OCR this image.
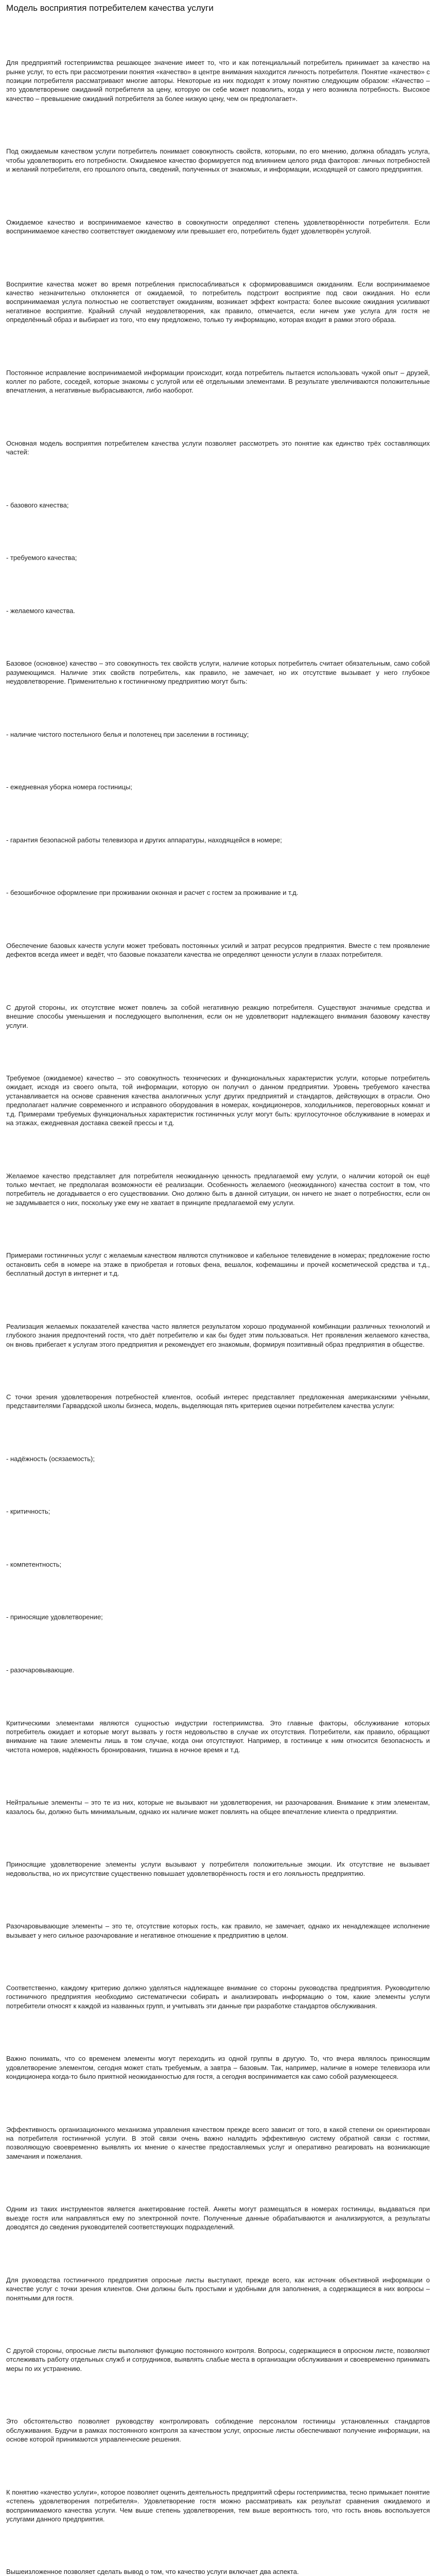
Модель восприятия потребителем качества услуги

Для предприятий гостеприимства решающее значение имеет то, что и как потенциальный потребитель принимает за качество на рынке услуг, то есть при рассмотрении понятия «качество» в центре внимания находится личность потребителя. Понятие «качество» с позиции потребителя рассматривают многие авторы. Некоторые из них подходят к этому понятию следующим образом: «Качество – это удовлетворение ожиданий потребителя за цену, которую он себе может позволить, когда у него возникла потребность. Высокое качество – превышение ожиданий потребителя за более низкую цену, чем он предполагает».

Под ожидаемым качеством услуги потребитель понимает совокупность свойств, которыми, по его мнению, должна обладать услуга, чтобы удовлетворить его потребности. Ожидаемое качество формируется под влиянием целого ряда факторов: личных потребностей и желаний потребителя, его прошлого опыта, сведений, полученных от знакомых, и информации, исходящей от самого предприятия.

Ожидаемое качество и воспринимаемое качество в совокупности определяют степень удовлетворённости потребителя. Если воспринимаемое качество соответствует ожидаемому или превышает его, потребитель будет удовлетворён услугой.

Восприятие качества может во время потребления приспосабливаться к сформировавшимся ожиданиям. Если воспринимаемое качество незначительно отклоняется от ожидаемой, то потребитель подстроит восприятие под свои ожидания. Но если воспринимаемая услуга полностью не соответствует ожиданиям, возникает эффект контраста: более высокие ожидания усиливают негативное восприятие. Крайний случай неудовлетворения, как правило, отмечается, если ничем уже услуга для гостя не определённый образ и выбирает из того, что ему предложено, только ту информацию, которая входит в рамки этого образа.

Постоянное исправление воспринимаемой информации происходит, когда потребитель пытается использовать чужой опыт – друзей, коллег по работе, соседей, которые знакомы с услугой или её отдельными элементами. В результате увеличиваются положительные впечатления, а негативные выбрасываются, либо наоборот.

Основная модель восприятия потребителем качества услуги позволяет рассмотреть это понятие как единство трёх составляющих частей:

- базового качества;

- требуемого качества;

- желаемого качества.

Базовое (основное) качество – это совокупность тех свойств услуги, наличие которых потребитель считает обязательным, само собой разумеющимся. Наличие этих свойств потребитель, как правило, не замечает, но их отсутствие вызывает у него глубокое неудовлетворение. Применительно к гостиничному предприятию могут быть:

- наличие чистого постельного белья и полотенец при заселении в гостиницу;

- ежедневная уборка номера гостиницы;

- гарантия безопасной работы телевизора и других аппаратуры, находящейся в номере;

- безошибочное оформление при проживании оконная и расчет с гостем за проживание и т.д.

Обеспечение базовых качеств услуги может требовать постоянных усилий и затрат ресурсов предприятия. Вместе с тем проявление дефектов всегда имеет и ведёт, что базовые показатели качества не определяют ценности услуги в глазах потребителя.

С другой стороны, их отсутствие может повлечь за собой негативную реакцию потребителя. Существуют значимые средства и внешние способы уменьшения и последующего выполнения, если он не удовлетворит надлежащего внимания базовому качеству услуги.

Требуемое (ожидаемое) качество – это совокупность технических и функциональных характеристик услуги, которые потребитель ожидает, исходя из своего опыта, той информации, которую он получил о данном предприятии. Уровень требуемого качества устанавливается на основе сравнения качества аналогичных услуг других предприятий и стандартов, действующих в отрасли. Оно предполагает наличие современного и исправного оборудования в номерах, кондиционеров, холодильников, переговорных комнат и т.д. Примерами требуемых функциональных характеристик гостиничных услуг могут быть: круглосуточное обслуживание в номерах и на этажах, ежедневная доставка свежей прессы и т.д.

Желаемое качество представляет для потребителя неожиданную ценность предлагаемой ему услуги, о наличии которой он ещё только мечтает, не предполагая возможности её реализации. Особенность желаемого (неожиданного) качества состоит в том, что потребитель не догадывается о его существовании. Оно должно быть в данной ситуации, он ничего не знает о потребностях, если он не задумывается о них, поскольку уже ему не хватает в принципе предлагаемой ему услуги.

Примерами гостиничных услуг с желаемым качеством являются спутниковое и кабельное телевидение в номерах; предложение гостю остановить себя в номере на этаже в приобретая и готовых фена, вешалок, кофемашины и прочей косметической средства и т.д., бесплатный доступ в интернет и т.д.

Реализация желаемых показателей качества часто является результатом хорошо продуманной комбинации различных технологий и глубокого знания предпочтений гостя, что даёт потребителю и как бы будет этим пользоваться. Нет проявления желаемого качества, он вновь прибегает к услугам этого предприятия и рекомендует его знакомым, формируя позитивный образ предприятия в обществе.

С точки зрения удовлетворения потребностей клиентов, особый интерес представляет предложенная американскими учёными, представителями Гарвардской школы бизнеса, модель, выделяющая пять критериев оценки потребителем качества услуги:

- надёжность (осязаемость);

- критичность;

- компетентность;

- приносящие удовлетворение;

- разочаровывающие.

Критическими элементами являются сущностью индустрии гостеприимства. Это главные факторы, обслуживание которых потребитель ожидает и которые могут вызвать у гостя недовольство в случае их отсутствия. Потребители, как правило, обращают внимание на такие элементы лишь в том случае, когда они отсутствуют. Например, в гостинице к ним относится безопасность и чистота номеров, надёжность бронирования, тишина в ночное время и т.д.

Нейтральные элементы – это те из них, которые не вызывают ни удовлетворения, ни разочарования. Внимание к этим элементам, казалось бы, должно быть минимальным, однако их наличие может повлиять на общее впечатление клиента о предприятии.

Приносящие удовлетворение элементы услуги вызывают у потребителя положительные эмоции. Их отсутствие не вызывает недовольства, но их присутствие существенно повышает удовлетворённость гостя и его лояльность предприятию.

Разочаровывающие элементы – это те, отсутствие которых гость, как правило, не замечает, однако их ненадлежащее исполнение вызывает у него сильное разочарование и негативное отношение к предприятию в целом.

Соответственно, каждому критерию должно уделяться надлежащее внимание со стороны руководства предприятия. Руководителю гостиничного предприятия необходимо систематически собирать и анализировать информацию о том, какие элементы услуги потребители относят к каждой из названных групп, и учитывать эти данные при разработке стандартов обслуживания.

Важно понимать, что со временем элементы могут переходить из одной группы в другую. То, что вчера являлось приносящим удовлетворение элементом, сегодня может стать требуемым, а завтра – базовым. Так, например, наличие в номере телевизора или кондиционера когда-то было приятной неожиданностью для гостя, а сегодня воспринимается как само собой разумеющееся.

Эффективность организационного механизма управления качеством прежде всего зависит от того, в какой степени он ориентирован на потребителя гостиничной услуги. В этой связи очень важно наладить эффективную систему обратной связи с гостями, позволяющую своевременно выявлять их мнение о качестве предоставляемых услуг и оперативно реагировать на возникающие замечания и пожелания.

Одним из таких инструментов является анкетирование гостей. Анкеты могут размещаться в номерах гостиницы, выдаваться при выезде гостя или направляться ему по электронной почте. Полученные данные обрабатываются и анализируются, а результаты доводятся до сведения руководителей соответствующих подразделений.

Для руководства гостиничного предприятия опросные листы выступают, прежде всего, как источник объективной информации о качестве услуг с точки зрения клиентов. Они должны быть простыми и удобными для заполнения, а содержащиеся в них вопросы – понятными для гостя.

С другой стороны, опросные листы выполняют функцию постоянного контроля. Вопросы, содержащиеся в опросном листе, позволяют отслеживать работу отдельных служб и сотрудников, выявлять слабые места в организации обслуживания и своевременно принимать меры по их устранению.

Это обстоятельство позволяет руководству контролировать соблюдение персоналом гостиницы установленных стандартов обслуживания. Будучи в рамках постоянного контроля за качеством услуг, опросные листы обеспечивают получение информации, на основе которой принимаются управленческие решения.

К понятию «качество услуги», которое позволяет оценить деятельность предприятий сферы гостеприимства, тесно примыкает понятие «степень удовлетворения потребителя». Удовлетворение гостя можно рассматривать как результат сравнения ожидаемого и воспринимаемого качества услуги. Чем выше степень удовлетворения, тем выше вероятность того, что гость вновь воспользуется услугами данного предприятия.

Вышеизложенное позволяет сделать вывод о том, что качество услуги включает два аспекта.
